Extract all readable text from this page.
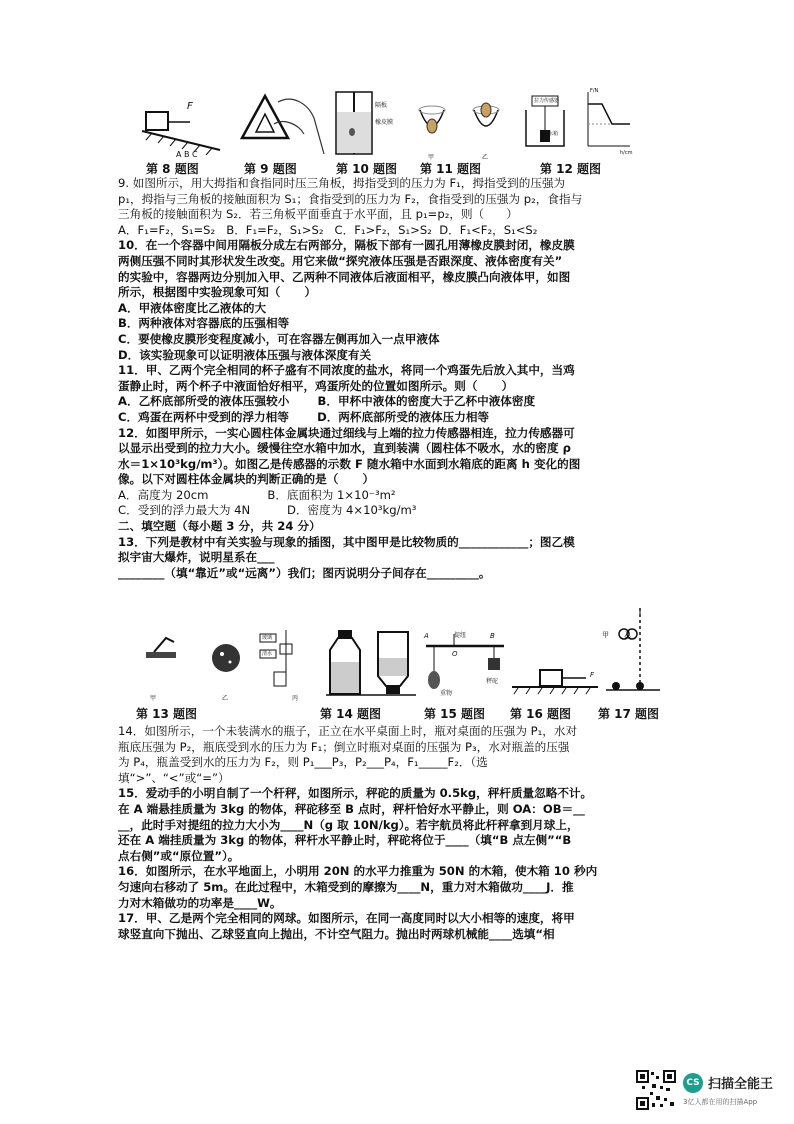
F
A B C
隔板
橡皮膜
甲	乙
拉力传感器
水箱
F/N
h/cm
第 8 题图	第 9 题图	第 10 题图 第 11 题图	第 12 题图

9. 如图所示，用大拇指和食指同时压三角板，拇指受到的压力为 F₁，拇指受到的压强为

p₁，拇指与三角板的接触面积为 S₁；食指受到的压力为 F₂，食指受到的压强为 p₂，食指与

三角板的接触面积为 S₂．若三角板平面垂直于水平面，且 p₁=p₂，则（      ）

A．F₁=F₂，S₁=S₂   B．F₁=F₂，S₁>S₂   C．F₁>F₂，S₁>S₂  D．F₁<F₂，S₁<S₂

10．在一个容器中间用隔板分成左右两部分，隔板下部有一圆孔用薄橡皮膜封闭，橡皮膜

两侧压强不同时其形状发生改变。用它来做“探究液体压强是否跟深度、液体密度有关”

的实验中，容器两边分别加入甲、乙两种不同液体后液面相平，橡皮膜凸向液体甲，如图

所示，根据图中实验现象可知（      ）

A．甲液体密度比乙液体的大

B．两种液体对容器底的压强相等

C．要使橡皮膜形变程度减小，可在容器左侧再加入一点甲液体

D．该实验现象可以证明液体压强与液体深度有关

11．甲、乙两个完全相同的杯子盛有不同浓度的盐水，将同一个鸡蛋先后放入其中，当鸡

蛋静止时，两个杯子中液面恰好相平，鸡蛋所处的位置如图所示。则（      ）

A．乙杯底部所受的液体压强较小       B．甲杯中液体的密度大于乙杯中液体密度

C．鸡蛋在两杯中受到的浮力相等       D．两杯底部所受的液体压力相等

12．如图甲所示，一实心圆柱体金属块通过细线与上端的拉力传感器相连，拉力传感器可

以显示出受到的拉力大小。缓慢往空水箱中加水，直到装满（圆柱体不吸水，水的密度 ρ

水＝1×10³kg/m³）。如图乙是传感器的示数 F 随水箱中水面到水箱底的距离 h 变化的图

像。以下对圆柱体金属块的判断正确的是（      ）

A．高度为 20cm                B．底面积为 1×10⁻³m²

C．受到的浮力最大为 4N          D．密度为 4×10³kg/m³

二、填空题（每小题 3 分，共 24 分）

13．下列是教材中有关实验与现象的插图，其中图甲是比较物质的____________；图乙模

拟宇宙大爆炸，说明星系在___

________（填“靠近”或“远离”）我们；图丙说明分子间存在_________。

玻璃
清水
甲	乙	丙
A	提纽	B
O
重物
秤砣
F
甲 乙
第 13 题图	第 14 题图	第 15 题图 第 16 题图 第 17 题图

14．如图所示，一个未装满水的瓶子，正立在水平桌面上时，瓶对桌面的压强为 P₁，水对

瓶底压强为 P₂，瓶底受到水的压力为 F₁；倒立时瓶对桌面的压强为 P₃，水对瓶盖的压强

为 P₄，瓶盖受到水的压力为 F₂，则 P₁___P₃，P₂___P₄，F₁_____F₂．（选

填“>”、“<”或“=”）

15．爱动手的小明自制了一个杆秤，如图所示，秤砣的质量为 0.5kg，秤杆质量忽略不计。

在 A 端悬挂质量为 3kg 的物体，秤砣移至 B 点时，秤杆恰好水平静止，则 OA：OB＝__

__，此时手对提纽的拉力大小为____N（g 取 10N/kg）。若宇航员将此杆秤拿到月球上，

还在 A 端挂质量为 3kg 的物体，秤杆水平静止时，秤砣将位于____（填“B 点左侧”“B

点右侧”或“原位置”）。

16．如图所示，在水平地面上，小明用 20N 的水平力推重为 50N 的木箱，使木箱 10 秒内

匀速向右移动了 5m。在此过程中，木箱受到的摩擦为____N，重力对木箱做功____J．推

力对木箱做功的功率是____W。

17．甲、乙是两个完全相同的网球。如图所示，在同一高度同时以大小相等的速度，将甲

球竖直向下抛出、乙球竖直向上抛出，不计空气阻力。抛出时两球机械能____选填“相

CS 扫描全能王
3亿人都在用的扫描App
